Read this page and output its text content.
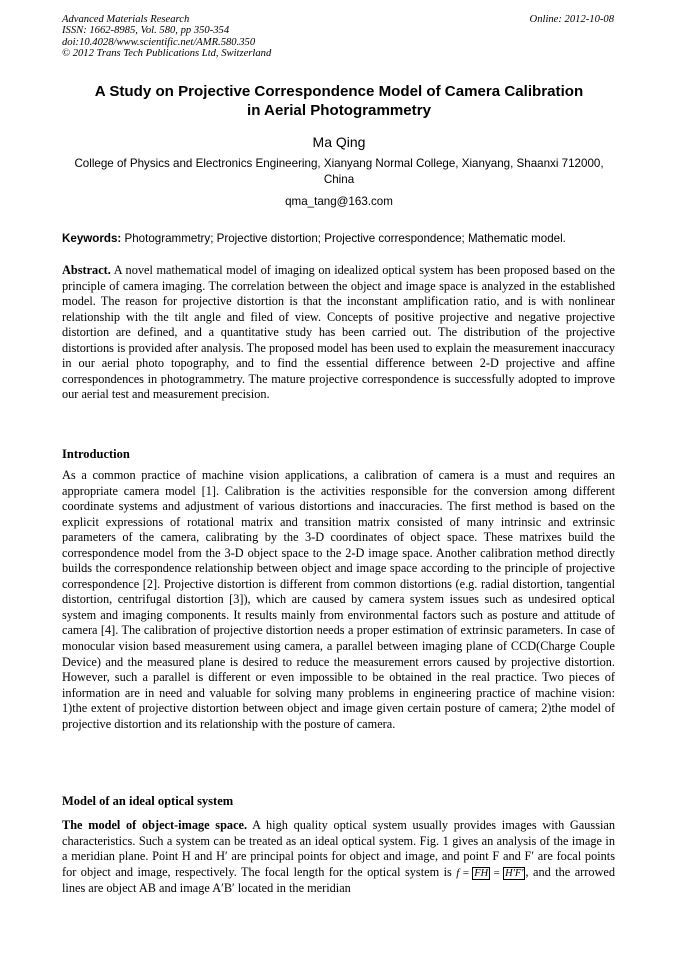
Advanced Materials Research
ISSN: 1662-8985, Vol. 580, pp 350-354
doi:10.4028/www.scientific.net/AMR.580.350
© 2012 Trans Tech Publications Ltd, Switzerland
Online: 2012-10-08
A Study on Projective Correspondence Model of Camera Calibration
in Aerial Photogrammetry
Ma Qing
College of Physics and Electronics Engineering, Xianyang Normal College, Xianyang, Shaanxi 712000, China
qma_tang@163.com
Keywords: Photogrammetry; Projective distortion; Projective correspondence; Mathematic model.
Abstract. A novel mathematical model of imaging on idealized optical system has been proposed based on the principle of camera imaging. The correlation between the object and image space is analyzed in the established model. The reason for projective distortion is that the inconstant amplification ratio, and is with nonlinear relationship with the tilt angle and filed of view. Concepts of positive projective and negative projective distortion are defined, and a quantitative study has been carried out. The distribution of the projective distortions is provided after analysis. The proposed model has been used to explain the measurement inaccuracy in our aerial photo topography, and to find the essential difference between 2-D projective and affine correspondences in photogrammetry. The mature projective correspondence is successfully adopted to improve our aerial test and measurement precision.
Introduction
As a common practice of machine vision applications, a calibration of camera is a must and requires an appropriate camera model [1]. Calibration is the activities responsible for the conversion among different coordinate systems and adjustment of various distortions and inaccuracies. The first method is based on the explicit expressions of rotational matrix and transition matrix consisted of many intrinsic and extrinsic parameters of the camera, calibrating by the 3-D coordinates of object space. These matrixes build the correspondence model from the 3-D object space to the 2-D image space. Another calibration method directly builds the correspondence relationship between object and image space according to the principle of projective correspondence [2]. Projective distortion is different from common distortions (e.g. radial distortion, tangential distortion, centrifugal distortion [3]), which are caused by camera system issues such as undesired optical system and imaging components. It results mainly from environmental factors such as posture and attitude of camera [4]. The calibration of projective distortion needs a proper estimation of extrinsic parameters. In case of monocular vision based measurement using camera, a parallel between imaging plane of CCD(Charge Couple Device) and the measured plane is desired to reduce the measurement errors caused by projective distortion. However, such a parallel is different or even impossible to be obtained in the real practice. Two pieces of information are in need and valuable for solving many problems in engineering practice of machine vision: 1)the extent of projective distortion between object and image given certain posture of camera; 2)the model of projective distortion and its relationship with the posture of camera.
Model of an ideal optical system
The model of object-image space. A high quality optical system usually provides images with Gaussian characteristics. Such a system can be treated as an ideal optical system. Fig. 1 gives an analysis of the image in a meridian plane. Point H and H′ are principal points for object and image, and point F and F′ are focal points for object and image, respectively. The focal length for the optical system is f = FH = H′F′ , and the arrowed lines are object AB and image A′B′ located in the meridian
